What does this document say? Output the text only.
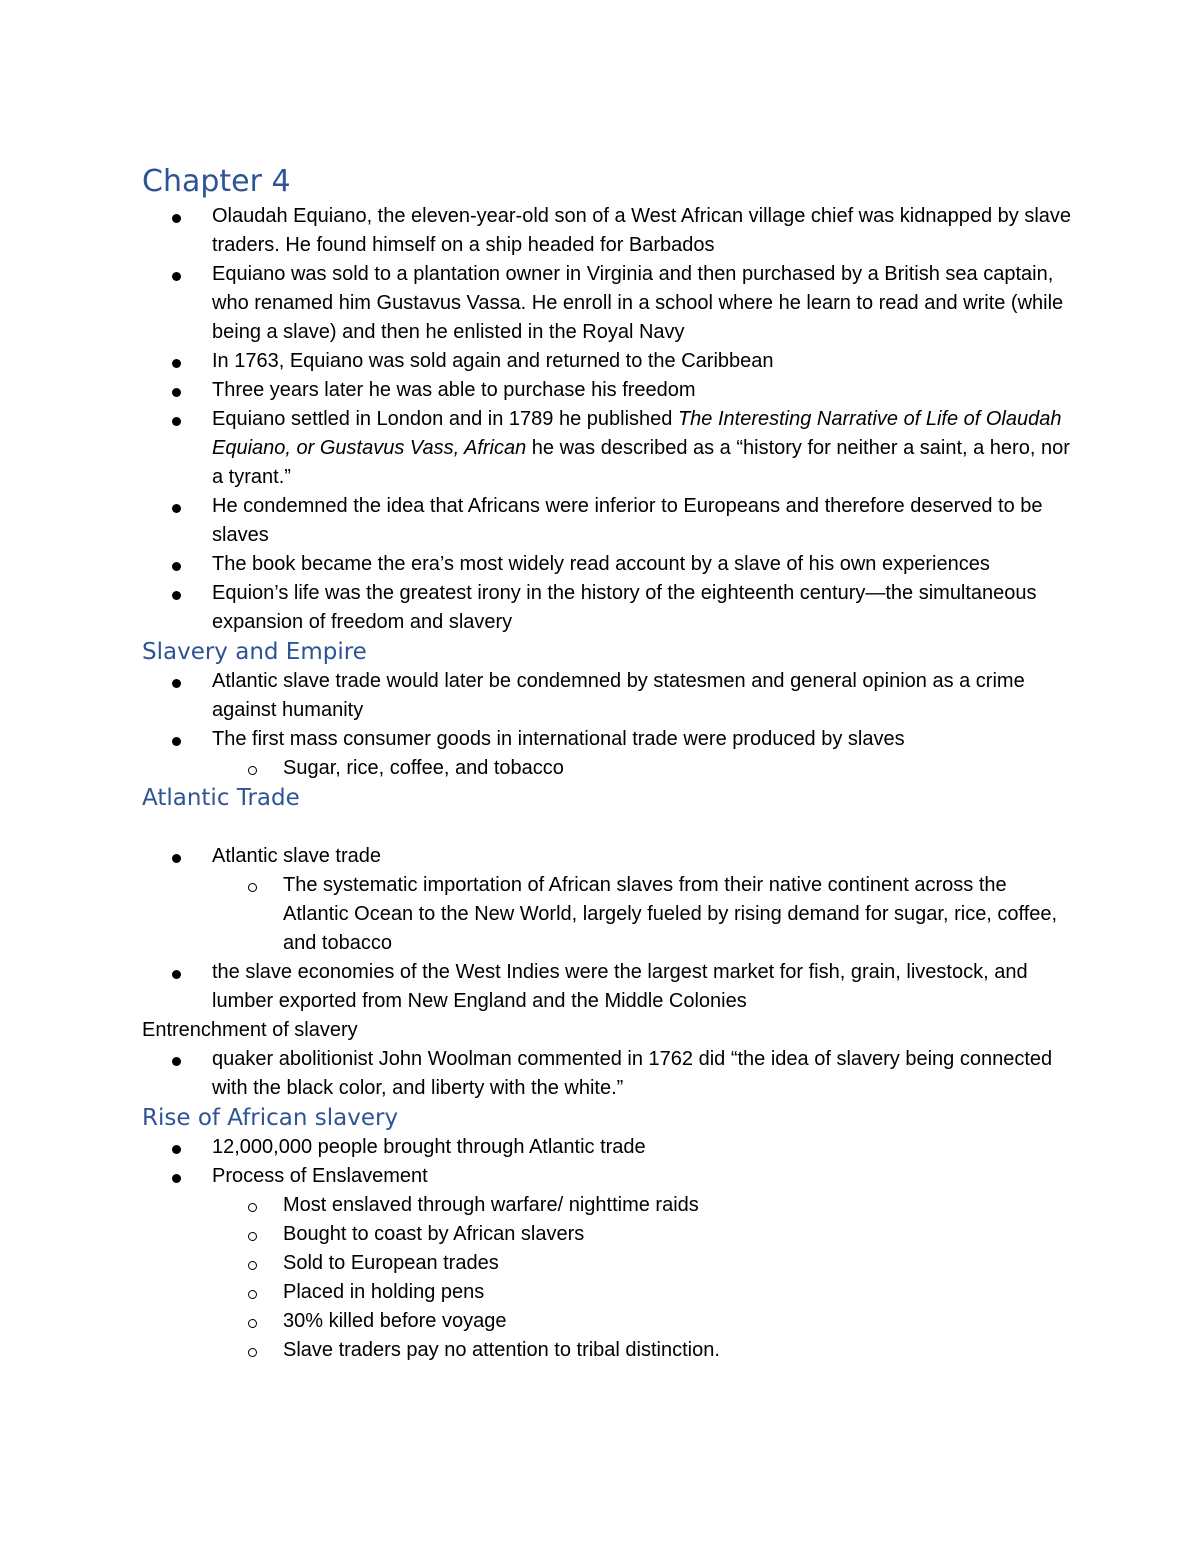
Chapter 4
Olaudah Equiano, the eleven-year-old son of a West African village chief was kidnapped by slave traders. He found himself on a ship headed for Barbados
Equiano was sold to a plantation owner in Virginia and then purchased by a British sea captain, who renamed him Gustavus Vassa. He enroll in a school where he learn to read and write (while being a slave) and then he enlisted in the Royal Navy
In 1763, Equiano was sold again and returned to the Caribbean
Three years later he was able to purchase his freedom
Equiano settled in London and in 1789 he published The Interesting Narrative of Life of Olaudah Equiano, or Gustavus Vass, African he was described as a “history for neither a saint, a hero, nor a tyrant.”
He condemned the idea that Africans were inferior to Europeans and therefore deserved to be slaves
The book became the era’s most widely read account by a slave of his own experiences
Equion’s life was the greatest irony in the history of the eighteenth century—the simultaneous expansion of freedom and slavery
Slavery and Empire
Atlantic slave trade would later be condemned by statesmen and general opinion as a crime against humanity
The first mass consumer goods in international trade were produced by slaves
Sugar, rice, coffee, and tobacco
Atlantic Trade
Atlantic slave trade
The systematic importation of African slaves from their native continent across the Atlantic Ocean to the New World, largely fueled by rising demand for sugar, rice, coffee, and tobacco
the slave economies of the West Indies were the largest market for fish, grain, livestock, and lumber exported from New England and the Middle Colonies

Entrenchment of slavery

quaker abolitionist John Woolman commented in 1762 did “the idea of slavery being connected with the black color, and liberty with the white.”
Rise of African slavery
12,000,000 people brought through Atlantic trade
Process of Enslavement
Most enslaved through warfare/ nighttime raids
Bought to coast by African slavers
Sold to European trades
Placed in holding pens
30% killed before voyage
Slave traders pay no attention to tribal distinction.
